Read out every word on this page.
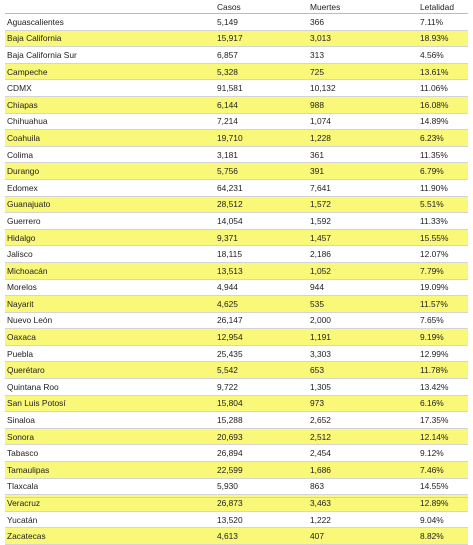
	Casos	Muertes	Letalidad
Aguascalientes	5,149	366	7.11%
Baja California	15,917	3,013	18.93%
Baja California Sur	6,857	313	4.56%
Campeche	5,328	725	13.61%
CDMX	91,581	10,132	11.06%
Chiapas	6,144	988	16.08%
Chihuahua	7,214	1,074	14.89%
Coahuila	19,710	1,228	6.23%
Colima	3,181	361	11.35%
Durango	5,756	391	6.79%
Edomex	64,231	7,641	11.90%
Guanajuato	28,512	1,572	5.51%
Guerrero	14,054	1,592	11.33%
Hidalgo	9,371	1,457	15.55%
Jalisco	18,115	2,186	12.07%
Michoacán	13,513	1,052	7.79%
Morelos	4,944	944	19.09%
Nayarit	4,625	535	11.57%
Nuevo León	26,147	2,000	7.65%
Oaxaca	12,954	1,191	9.19%
Puebla	25,435	3,303	12.99%
Querétaro	5,542	653	11.78%
Quintana Roo	9,722	1,305	13.42%
San Luis Potosí	15,804	973	6.16%
Sinaloa	15,288	2,652	17.35%
Sonora	20,693	2,512	12.14%
Tabasco	26,894	2,454	9.12%
Tamaulipas	22,599	1,686	7.46%
Tlaxcala	5,930	863	14.55%
Veracruz	26,873	3,463	12.89%
Yucatán	13,520	1,222	9.04%
Zacatecas	4,613	407	8.82%
